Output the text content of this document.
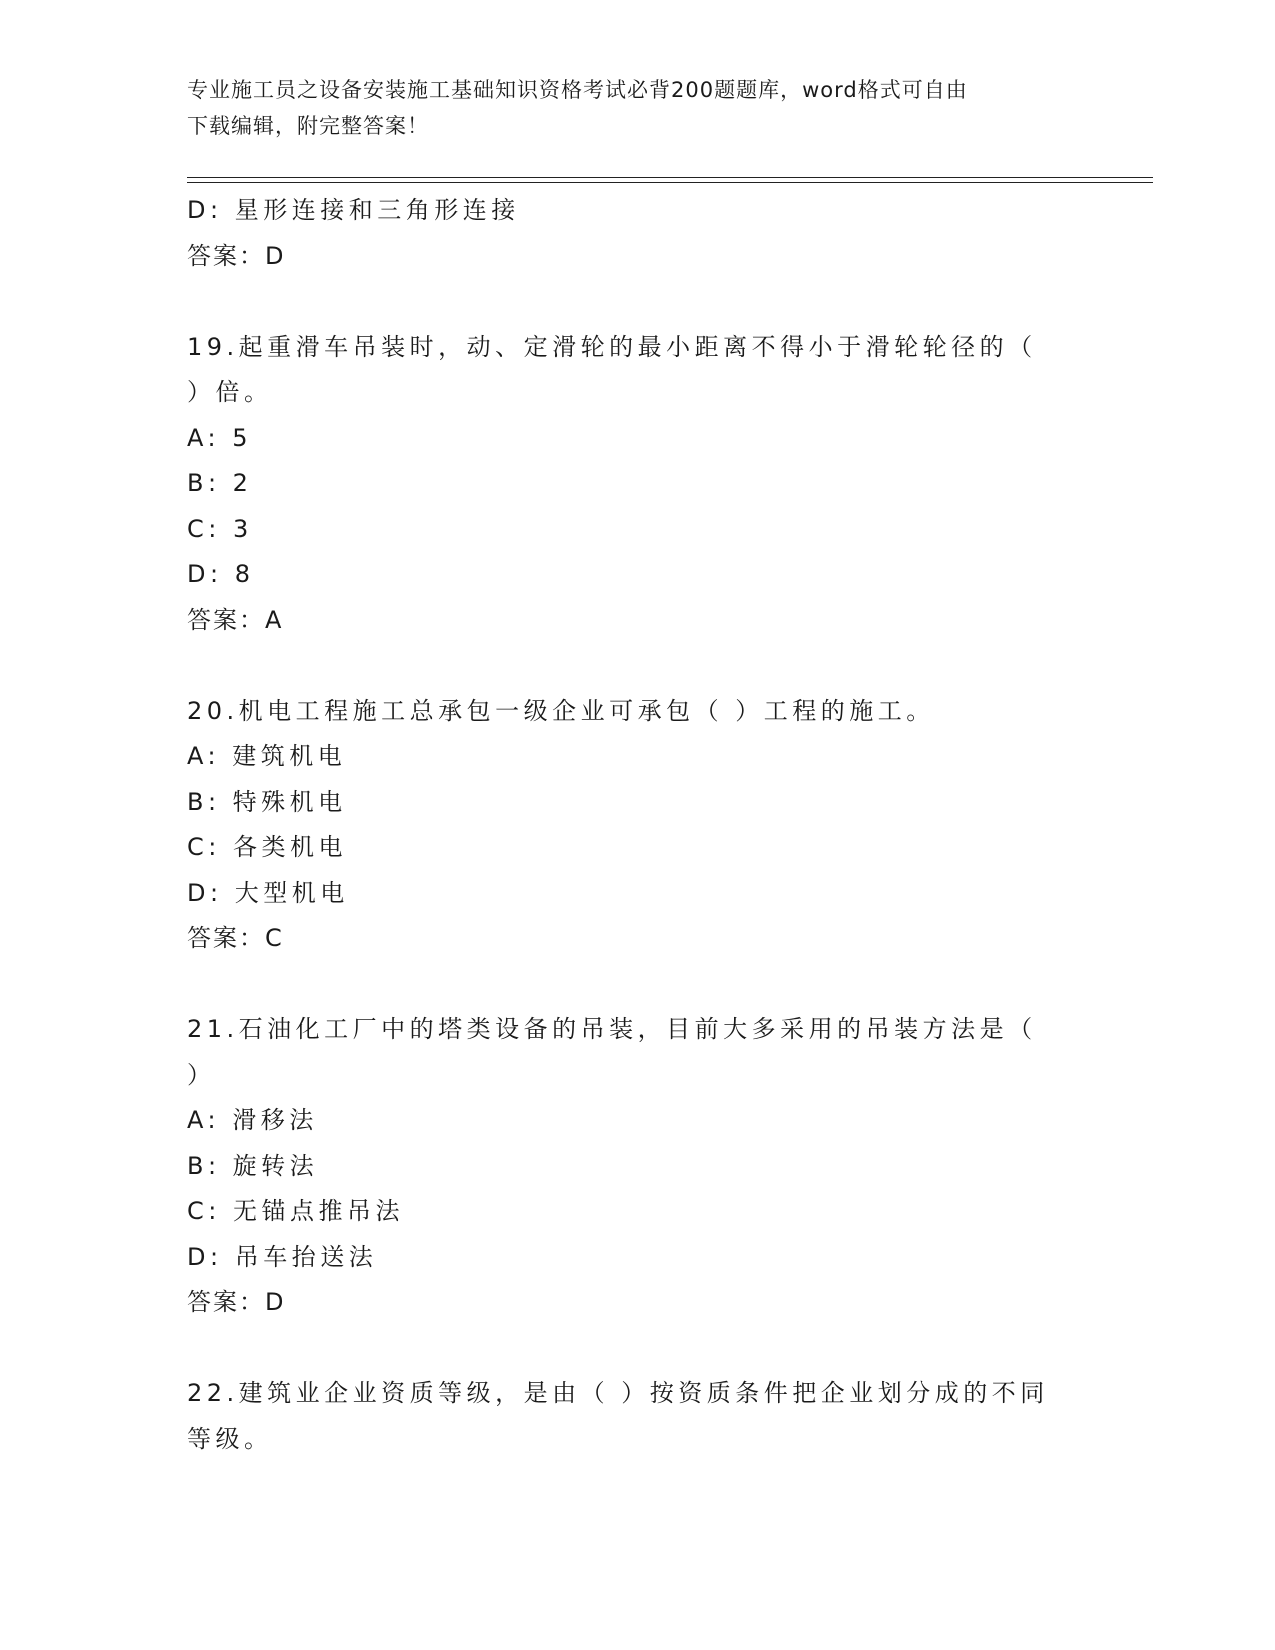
专业施工员之设备安装施工基础知识资格考试必背200题题库，word格式可自由
下载编辑，附完整答案！
D: 星形连接和三角形连接
答案：D
19.起重滑车吊装时，动、定滑轮的最小距离不得小于滑轮轮径的（
）倍。
A: 5
B: 2
C: 3
D: 8
答案：A
20.机电工程施工总承包一级企业可承包（ ）工程的施工。
A: 建筑机电
B: 特殊机电
C: 各类机电
D: 大型机电
答案：C
21.石油化工厂中的塔类设备的吊装，目前大多采用的吊装方法是（
）
A: 滑移法
B: 旋转法
C: 无锚点推吊法
D: 吊车抬送法
答案：D
22.建筑业企业资质等级，是由（ ）按资质条件把企业划分成的不同
等级。
